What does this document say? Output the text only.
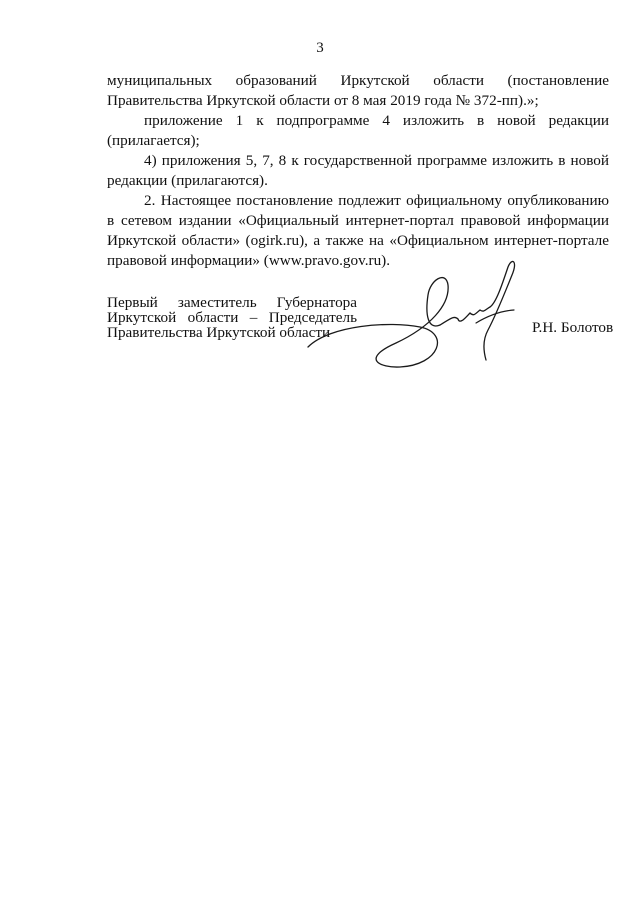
3

муниципальных образований Иркутской области (постановление Правительства Иркутской области от 8 мая 2019 года № 372-пп).»;

приложение 1 к подпрограмме 4 изложить в новой редакции (прилагается);

4) приложения 5, 7, 8 к государственной программе изложить в новой редакции (прилагаются).

2. Настоящее постановление подлежит официальному опубликованию в сетевом издании «Официальный интернет-портал правовой информации Иркутской области» (ogirk.ru), а также на «Официальном интернет-портале правовой информации» (www.pravo.gov.ru).

Первый заместитель Губернатора
Иркутской области – Председатель
Правительства Иркутской области	Р.Н. Болотов
